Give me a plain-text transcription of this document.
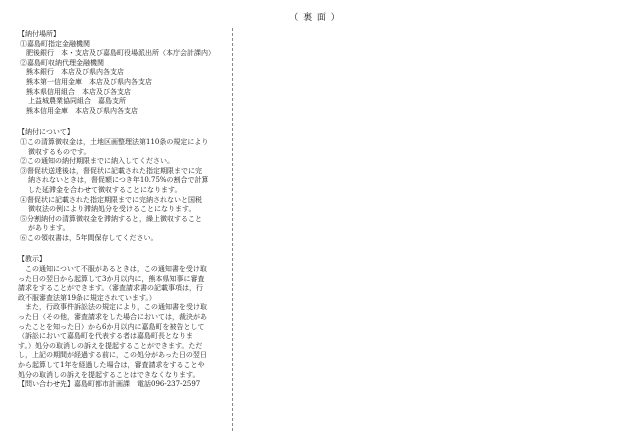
（ 裏 面 ）
【納付場所】
①嘉島町指定金融機関
肥後銀行　本・支店及び嘉島町役場派出所（本庁会計課内）
②嘉島町収納代理金融機関
熊本銀行　本店及び県内各支店
熊本第一信用金庫　本店及び県内各支店
熊本県信用組合　本店及び各支店
上益城農業協同組合　嘉島支所
熊本信用金庫　本店及び県内各支店
【納付について】
①この清算徴収金は，土地区画整理法第110条の規定により
徴収するものです。
②この通知の納付期限までに納入してください。
③督促状送達後は，督促状に記載された指定期限までに完
納されないときは，督促額につき年10.75%の割合で計算
した延滞金を合わせて徴収することになります。
④督促状に記載された指定期限までに完納されないと国税
徴収法の例により滞納処分を受けることになります。
⑤分割納付の清算徴収金を滞納すると，繰上徴収すること
があります。
⑥この領収書は，5年間保存してください。
【教示】
　この通知について不服があるときは，この通知書を受け取
った日の翌日から起算して3か月以内に，熊本県知事に審査
請求をすることができます。（審査請求書の記載事項は，行
政不服審査法第19条に規定されています。）
　また，行政事件訴訟法の規定により，この通知書を受け取
った日（その他，審査請求をした場合においては，裁決があ
ったことを知った日）から6か月以内に嘉島町を被告として
（訴訟において嘉島町を代表する者は嘉島町長となりま
す。）処分の取消しの訴えを提起することができます。ただ
し，上記の期間が経過する前に，この処分があった日の翌日
から起算して1年を経過した場合は，審査請求をすることや
処分の取消しの訴えを提起することはできなくなります。
【問い合わせ先】嘉島町都市計画課　電話096-237-2597
